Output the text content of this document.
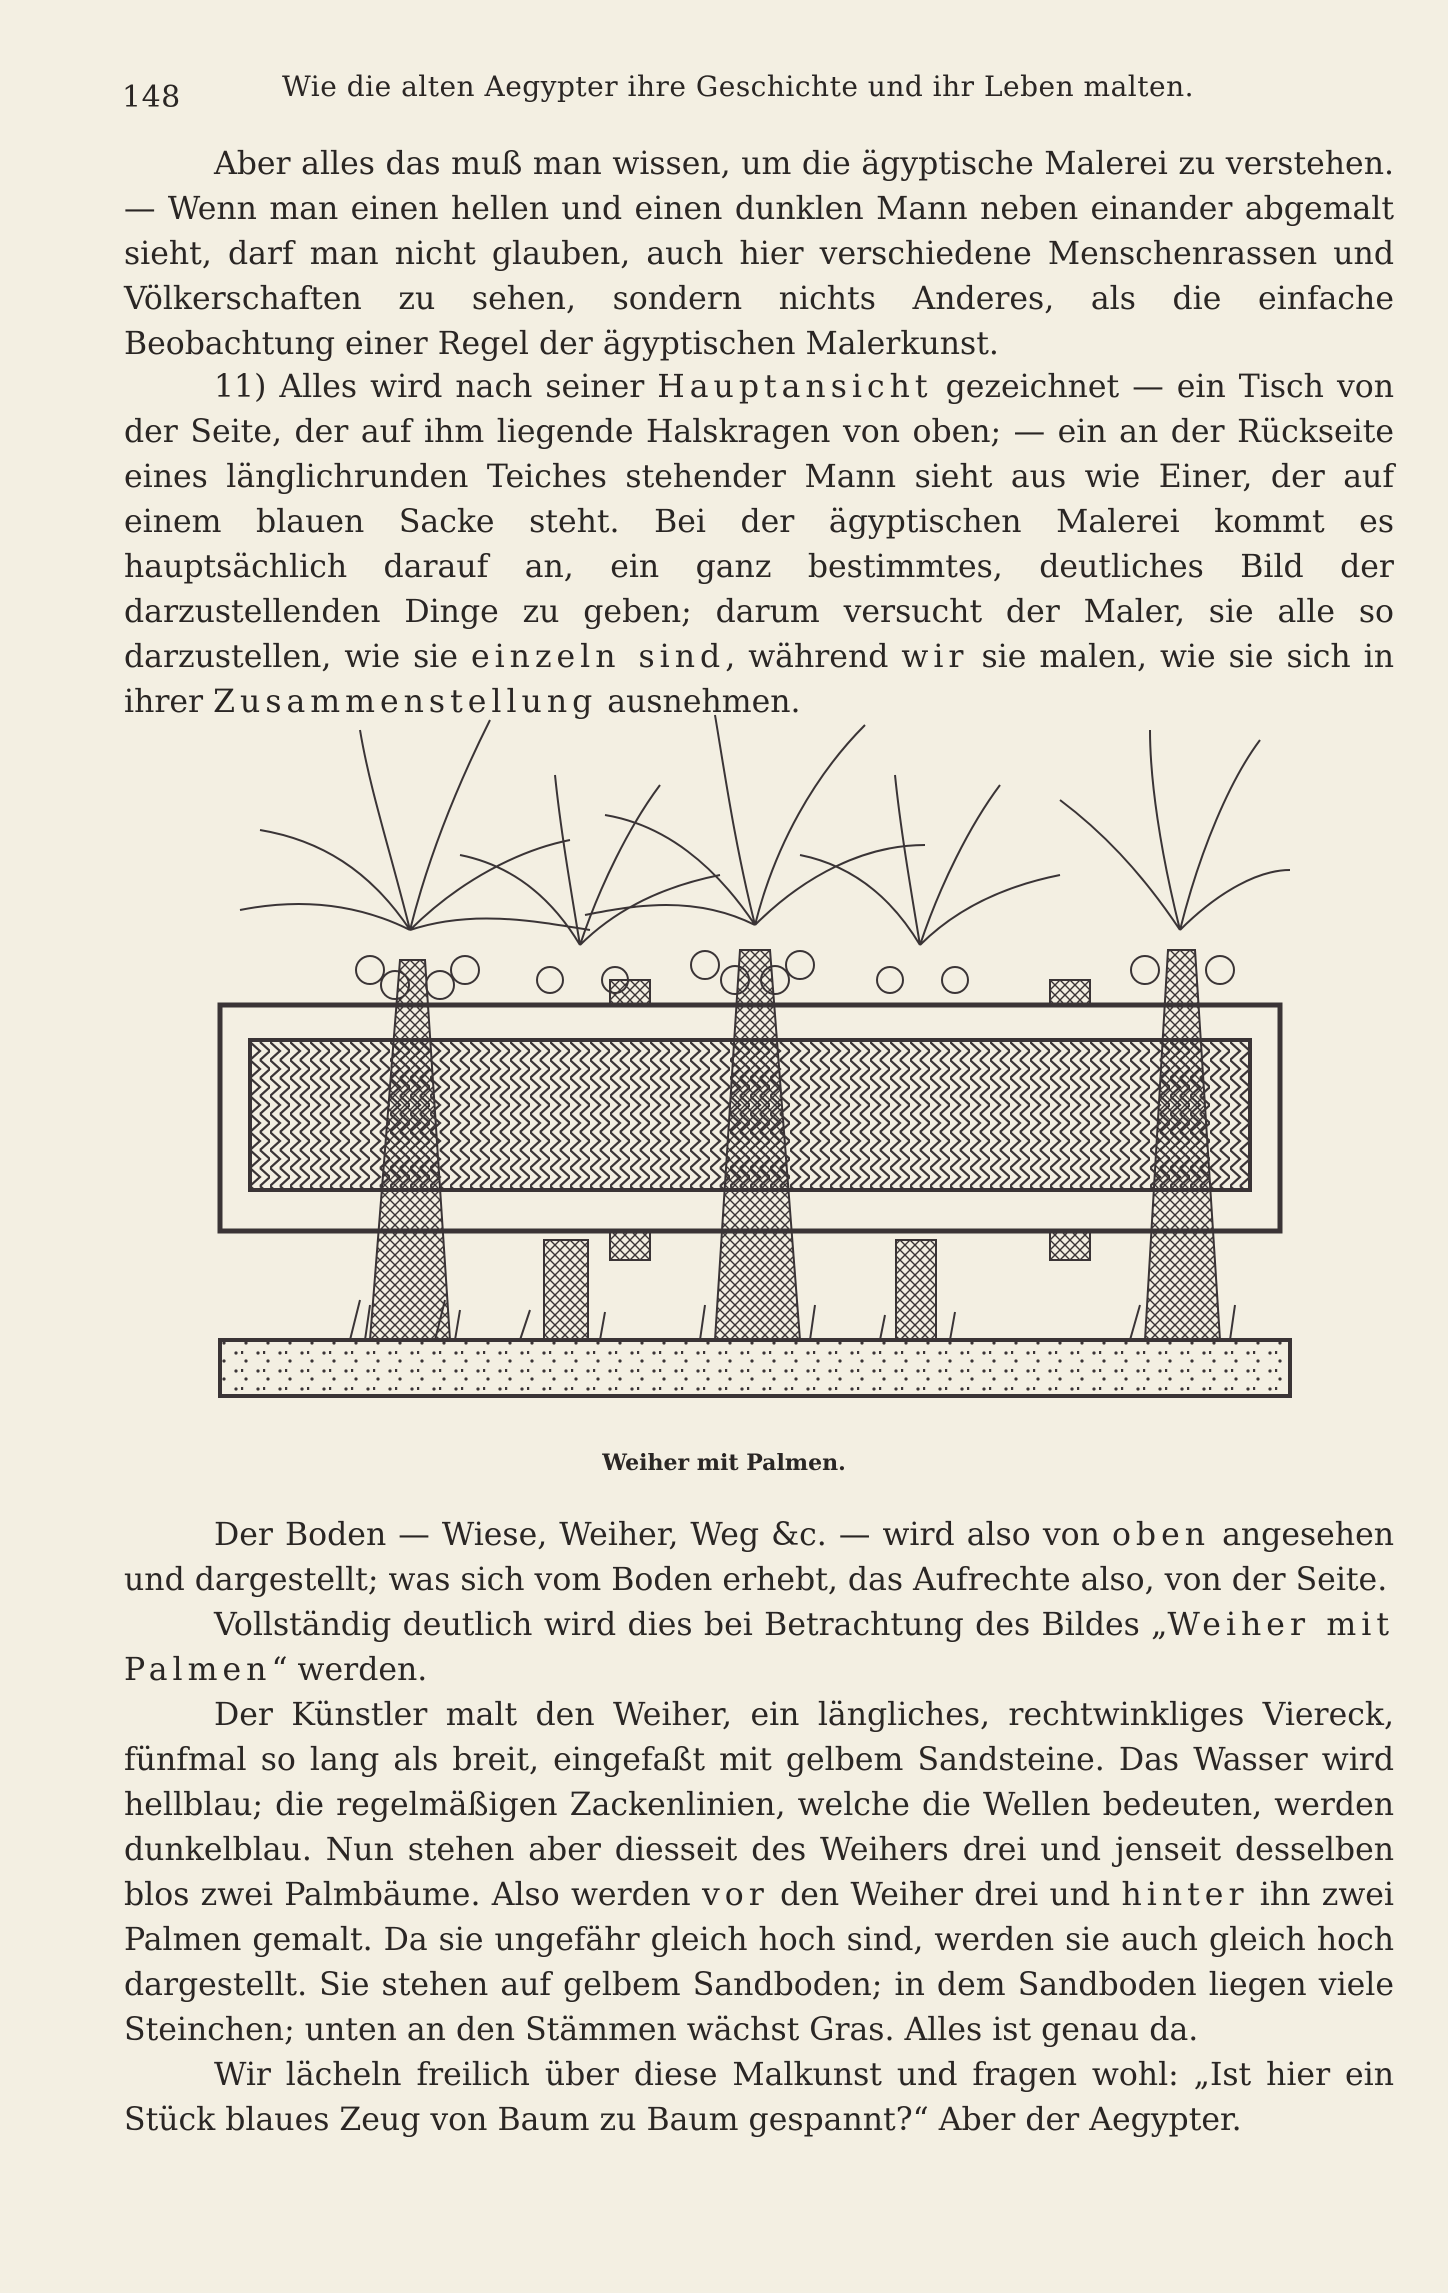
148	Wie die alten Aegypter ihre Geschichte und ihr Leben malten.

Aber alles das muß man wissen, um die ägyptische Malerei zu verstehen. — Wenn man einen hellen und einen dunklen Mann neben einander abgemalt sieht, darf man nicht glauben, auch hier verschiedene Menschenrassen und Völkerschaften zu sehen, sondern nichts Anderes, als die einfache Beobachtung einer Regel der ägyptischen Malerkunst.

11) Alles wird nach seiner Hauptansicht gezeichnet — ein Tisch von der Seite, der auf ihm liegende Halskragen von oben; — ein an der Rückseite eines länglichrunden Teiches stehender Mann sieht aus wie Einer, der auf einem blauen Sacke steht. Bei der ägyptischen Malerei kommt es hauptsächlich darauf an, ein ganz bestimmtes, deutliches Bild der darzustellenden Dinge zu geben; darum versucht der Maler, sie alle so darzustellen, wie sie einzeln sind, während wir sie malen, wie sie sich in ihrer Zusammenstellung ausnehmen.

Weiher mit Palmen.

Der Boden — Wiese, Weiher, Weg &c. — wird also von oben angesehen und dargestellt; was sich vom Boden erhebt, das Aufrechte also, von der Seite.

Vollständig deutlich wird dies bei Betrachtung des Bildes „Weiher mit Palmen“ werden.

Der Künstler malt den Weiher, ein längliches, rechtwinkliges Viereck, fünfmal so lang als breit, eingefaßt mit gelbem Sandsteine. Das Wasser wird hellblau; die regelmäßigen Zackenlinien, welche die Wellen bedeuten, werden dunkelblau. Nun stehen aber diesseit des Weihers drei und jenseit desselben blos zwei Palmbäume. Also werden vor den Weiher drei und hinter ihn zwei Palmen gemalt. Da sie ungefähr gleich hoch sind, werden sie auch gleich hoch dargestellt. Sie stehen auf gelbem Sandboden; in dem Sandboden liegen viele Steinchen; unten an den Stämmen wächst Gras. Alles ist genau da.

Wir lächeln freilich über diese Malkunst und fragen wohl: „Ist hier ein Stück blaues Zeug von Baum zu Baum gespannt?“ Aber der Aegypter.
